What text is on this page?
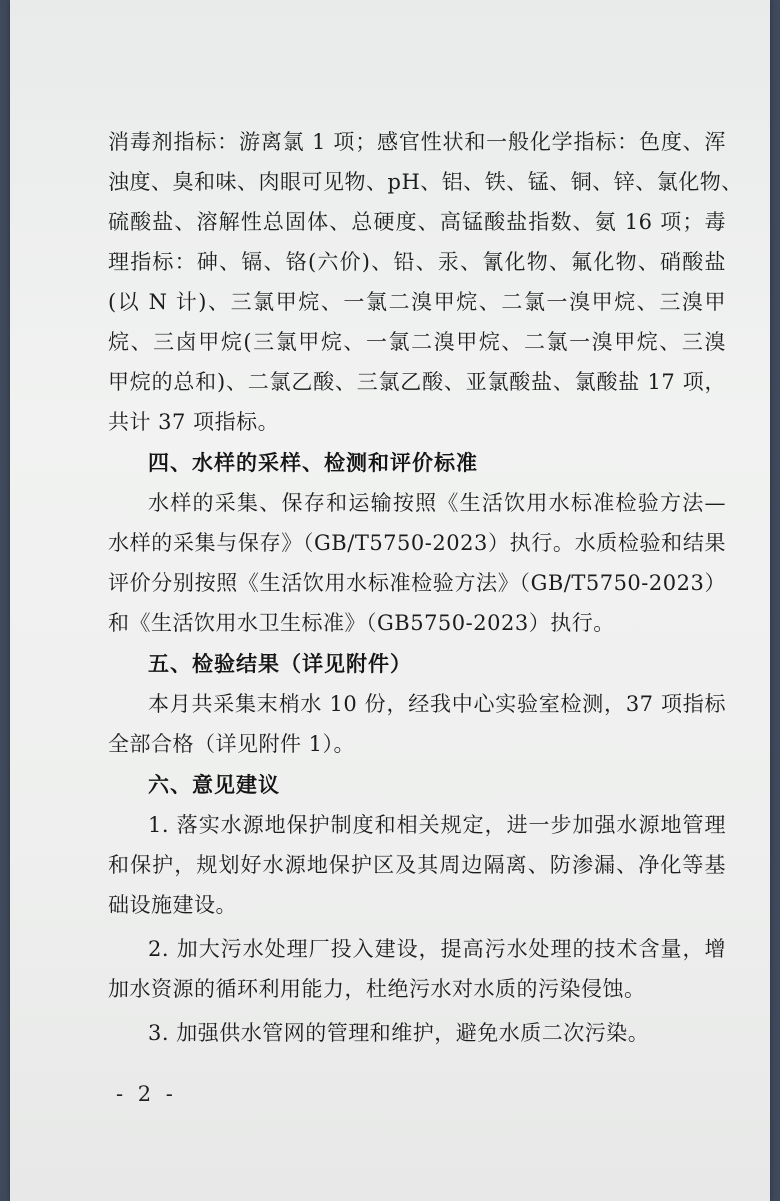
消毒剂指标：游离氯 1 项；感官性状和一般化学指标：色度、浑
浊度、臭和味、肉眼可见物、pH、铝、铁、锰、铜、锌、氯化物、
硫酸盐、溶解性总固体、总硬度、高锰酸盐指数、氨 16 项；毒
理指标：砷、镉、铬(六价)、铅、汞、氰化物、氟化物、硝酸盐
(以 N 计)、三氯甲烷、一氯二溴甲烷、二氯一溴甲烷、三溴甲
烷、三卤甲烷(三氯甲烷、一氯二溴甲烷、二氯一溴甲烷、三溴
甲烷的总和)、二氯乙酸、三氯乙酸、亚氯酸盐、氯酸盐 17 项，
共计 37 项指标。
四、水样的采样、检测和评价标准
水样的采集、保存和运输按照《生活饮用水标准检验方法—
水样的采集与保存》（GB/T5750-2023）执行。水质检验和结果
评价分别按照《生活饮用水标准检验方法》（GB/T5750-2023）
和《生活饮用水卫生标准》（GB5750-2023）执行。
五、检验结果（详见附件）
本月共采集末梢水 10 份，经我中心实验室检测，37 项指标
全部合格（详见附件 1）。
六、意见建议
1. 落实水源地保护制度和相关规定，进一步加强水源地管理
和保护，规划好水源地保护区及其周边隔离、防渗漏、净化等基
础设施建设。
2. 加大污水处理厂投入建设，提高污水处理的技术含量，增
加水资源的循环利用能力，杜绝污水对水质的污染侵蚀。
3. 加强供水管网的管理和维护，避免水质二次污染。
- 2 -
